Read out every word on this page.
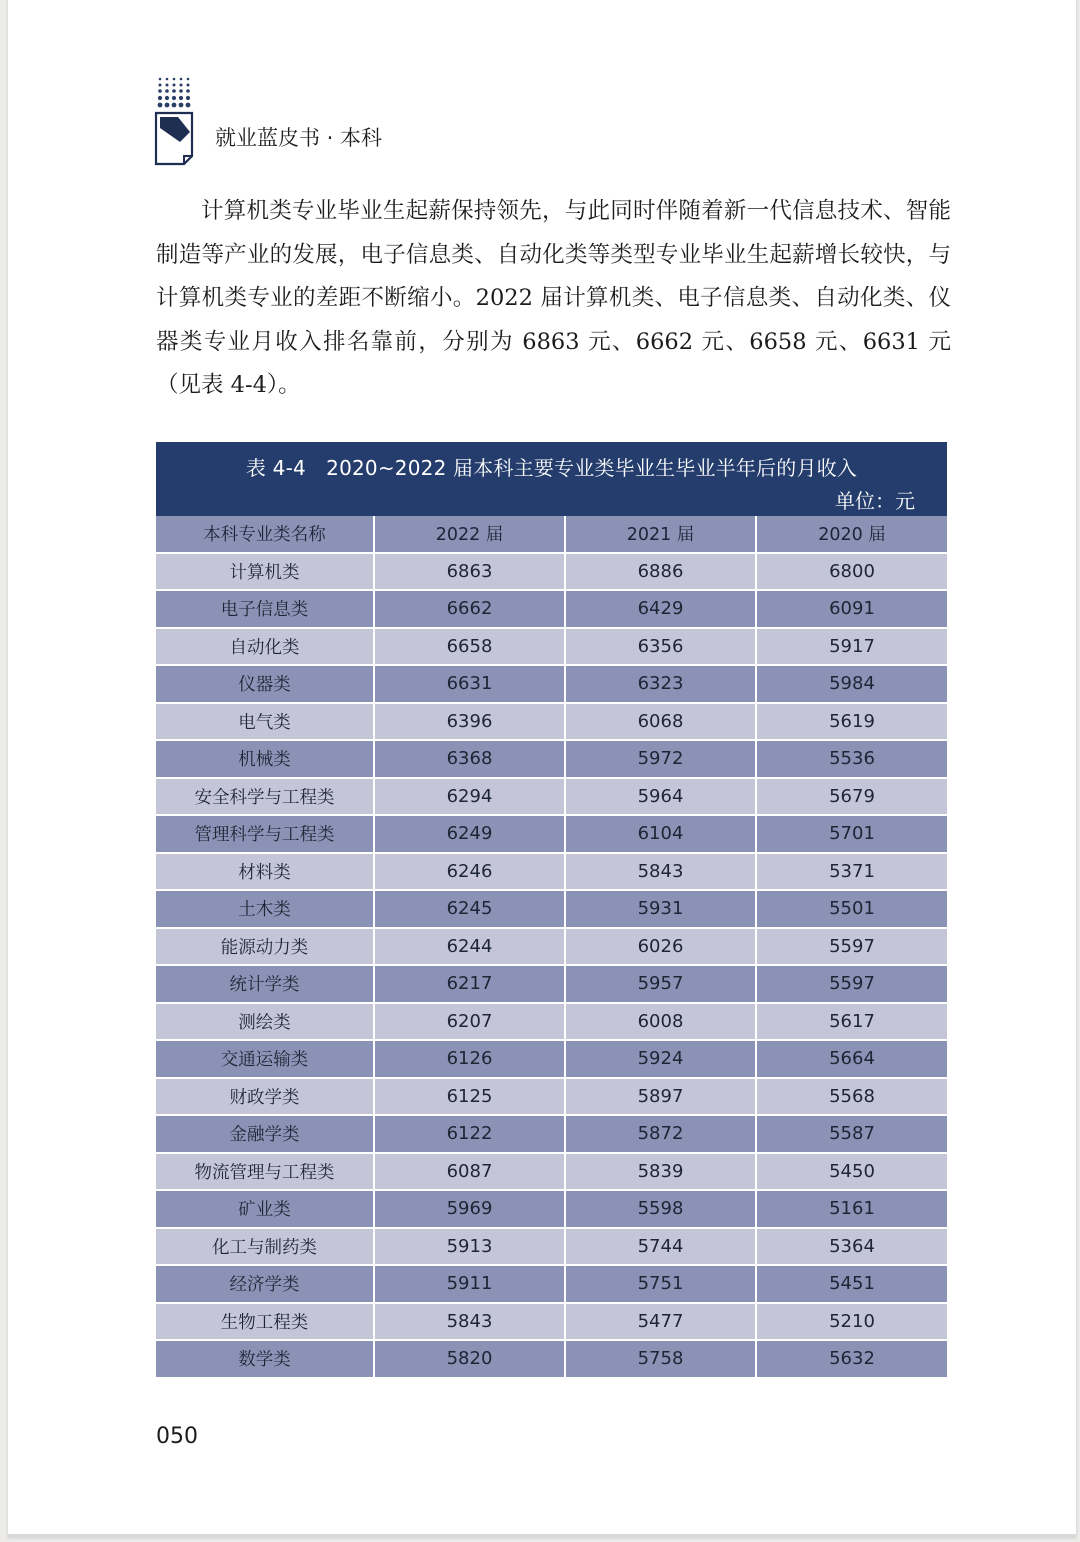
就业蓝皮书 · 本科

计算机类专业毕业生起薪保持领先，与此同时伴随着新一代信息技术、智能制造等产业的发展，电子信息类、自动化类等类型专业毕业生起薪增长较快，与计算机类专业的差距不断缩小。2022 届计算机类、电子信息类、自动化类、仪器类专业月收入排名靠前，分别为 6863 元、6662 元、6658 元、6631 元（见表 4-4）。

表 4-4　2020~2022 届本科主要专业类毕业生毕业半年后的月收入
单位：元
本科专业类名称	2022 届	2021 届	2020 届
计算机类	6863	6886	6800
电子信息类	6662	6429	6091
自动化类	6658	6356	5917
仪器类	6631	6323	5984
电气类	6396	6068	5619
机械类	6368	5972	5536
安全科学与工程类	6294	5964	5679
管理科学与工程类	6249	6104	5701
材料类	6246	5843	5371
土木类	6245	5931	5501
能源动力类	6244	6026	5597
统计学类	6217	5957	5597
测绘类	6207	6008	5617
交通运输类	6126	5924	5664
财政学类	6125	5897	5568
金融学类	6122	5872	5587
物流管理与工程类	6087	5839	5450
矿业类	5969	5598	5161
化工与制药类	5913	5744	5364
经济学类	5911	5751	5451
生物工程类	5843	5477	5210
数学类	5820	5758	5632
050
